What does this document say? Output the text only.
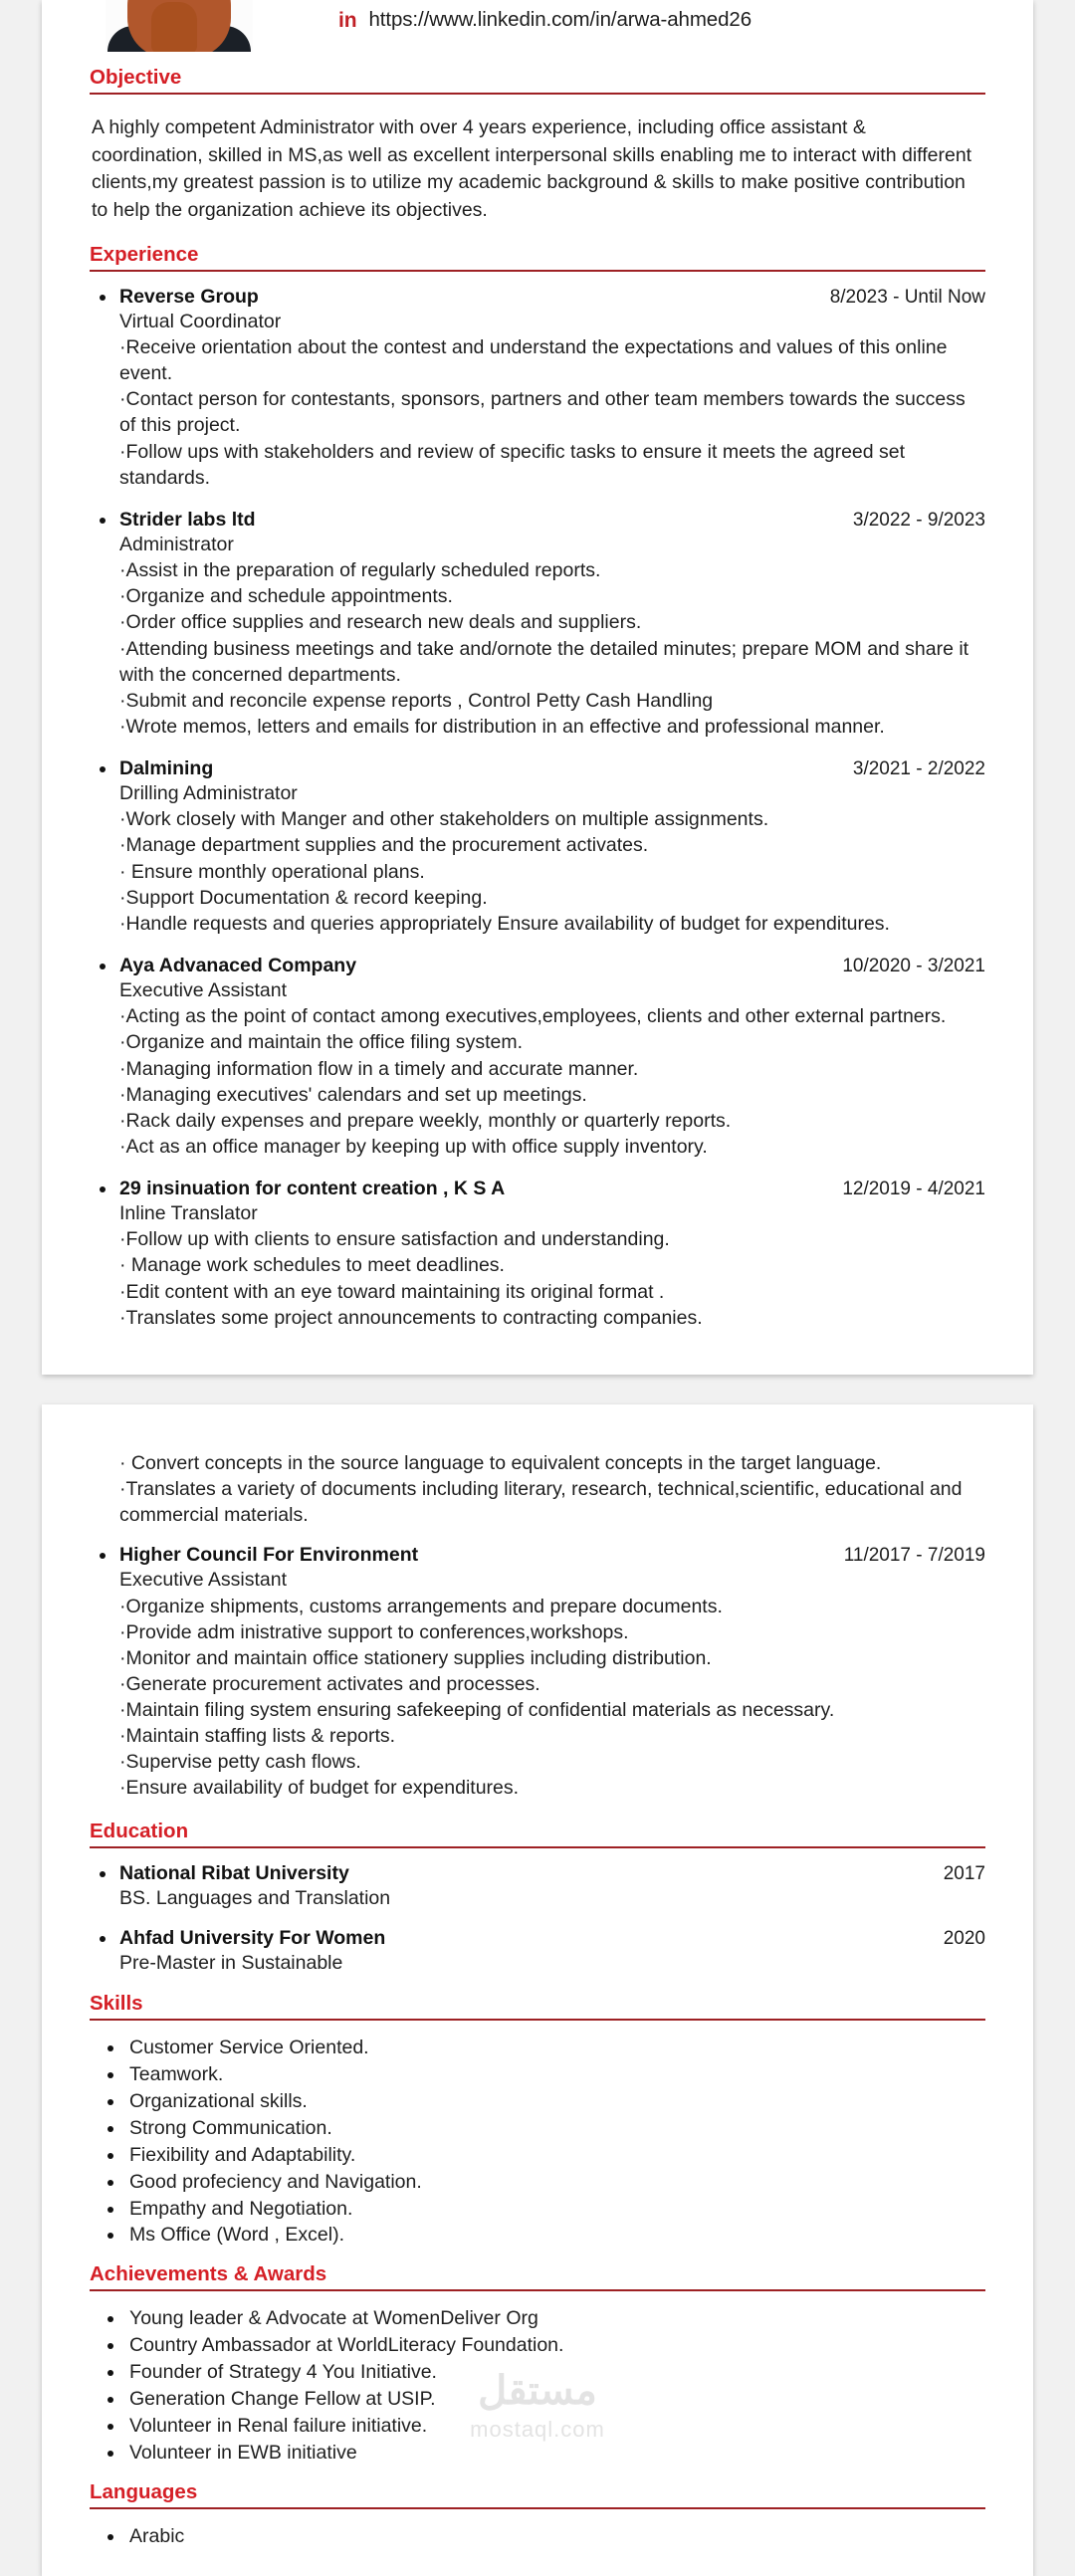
in https://www.linkedin.com/in/arwa-ahmed26
Objective
A highly competent Administrator with over 4 years experience, including office assistant & coordination, skilled in MS,as well as excellent interpersonal skills enabling me to interact with different clients,my greatest passion is to utilize my academic background & skills to make positive contribution to help the organization achieve its objectives.
Experience
Reverse Group	8/2023 - Until Now
Virtual Coordinator
·Receive orientation about the contest and understand the expectations and values of this online event.
·Contact person for contestants, sponsors, partners and other team members towards the success of this project.
·Follow ups with stakeholders and review of specific tasks to ensure it meets the agreed set standards.
Strider labs ltd	3/2022 - 9/2023
Administrator
·Assist in the preparation of regularly scheduled reports.
·Organize and schedule appointments.
·Order office supplies and research new deals and suppliers.
·Attending business meetings and take and/ornote the detailed minutes; prepare MOM and share it with the concerned departments.
·Submit and reconcile expense reports , Control Petty Cash Handling
·Wrote memos, letters and emails for distribution in an effective and professional manner.
Dalmining	3/2021 - 2/2022
Drilling Administrator
·Work closely with Manger and other stakeholders on multiple assignments.
·Manage department supplies and the procurement activates.
· Ensure monthly operational plans.
·Support Documentation & record keeping.
·Handle requests and queries appropriately Ensure availability of budget for expenditures.
Aya Advanaced Company	10/2020 - 3/2021
Executive Assistant
·Acting as the point of contact among executives,employees, clients and other external partners.
·Organize and maintain the office filing system.
·Managing information flow in a timely and accurate manner.
·Managing executives' calendars and set up meetings.
·Rack daily expenses and prepare weekly, monthly or quarterly reports.
·Act as an office manager by keeping up with office supply inventory.
29 insinuation for content creation , K S A	12/2019 - 4/2021
Inline Translator
·Follow up with clients to ensure satisfaction and understanding.
· Manage work schedules to meet deadlines.
·Edit content with an eye toward maintaining its original format .
·Translates some project announcements to contracting companies.
· Convert concepts in the source language to equivalent concepts in the target language.
·Translates a variety of documents including literary, research, technical,scientific, educational and commercial materials.
Higher Council For Environment	11/2017 - 7/2019
Executive Assistant
·Organize shipments, customs arrangements and prepare documents.
·Provide adm inistrative support to conferences,workshops.
·Monitor and maintain office stationery supplies including distribution.
·Generate procurement activates and processes.
·Maintain filing system ensuring safekeeping of confidential materials as necessary.
·Maintain staffing lists & reports.
·Supervise petty cash flows.
·Ensure availability of budget for expenditures.
Education
National Ribat University	2017
BS. Languages and Translation
Ahfad University For Women	2020
Pre-Master in Sustainable
Skills
Customer Service Oriented.
Teamwork.
Organizational skills.
Strong Communication.
Fiexibility and Adaptability.
Good profeciency and Navigation.
Empathy and Negotiation.
Ms Office (Word , Excel).
Achievements & Awards
Young leader & Advocate at WomenDeliver Org
Country Ambassador at WorldLiteracy Foundation.
Founder of Strategy 4 You Initiative.
Generation Change Fellow at USIP.
Volunteer in Renal failure initiative.
Volunteer in EWB initiative
مستقل
mostaql.com
Languages
Arabic
